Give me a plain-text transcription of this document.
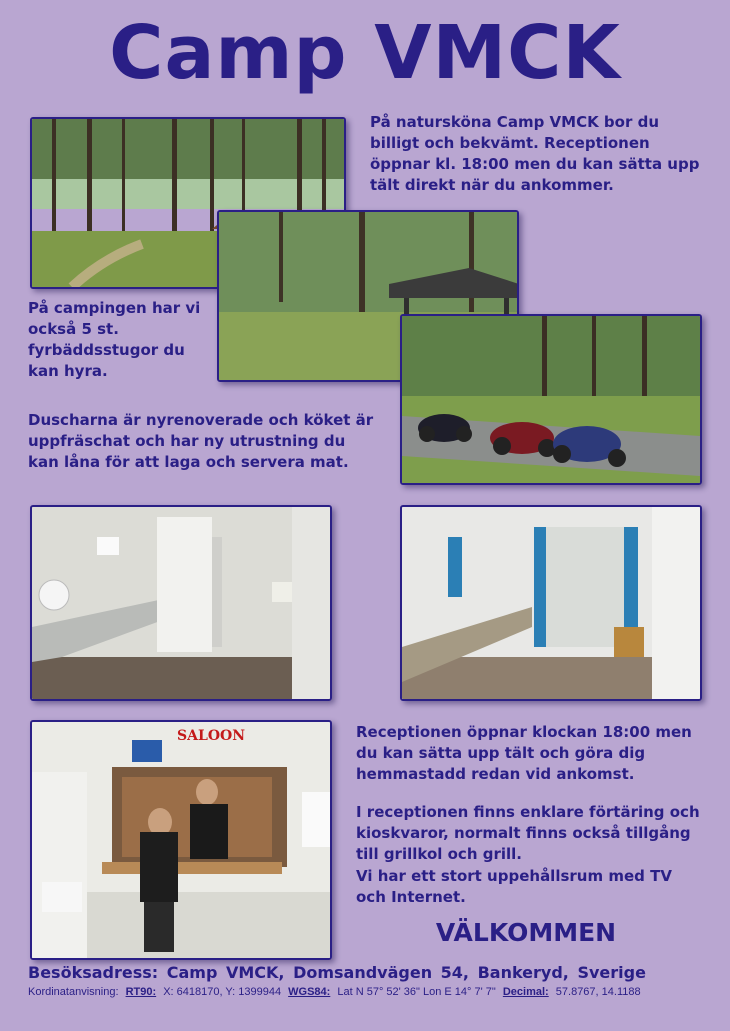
Camp VMCK
På natursköna Camp VMCK bor du billigt och bekvämt. Receptionen öppnar kl. 18:00 men du kan sätta upp tält direkt när du ankommer.
På campingen har vi också 5 st. fyrbäddsstugor du kan hyra.
Duscharna är nyrenoverade och köket är uppfräschat och har ny utrustning du kan låna för att laga och servera mat.
SALOON	Receptionen öppnar klockan 18:00 men du kan sätta upp tält och göra dig hemmastadd redan vid ankomst.
I receptionen finns enklare förtäring och kioskvaror, normalt finns också tillgång till grillkol och grill.
Vi har ett stort uppehållsrum med TV och Internet.
VÄLKOMMEN
Besöksadress: Camp VMCK, Domsandvägen 54, Bankeryd, Sverige
Kordinatanvisning: RT90: X: 6418170, Y: 1399944 WGS84: Lat N 57° 52' 36" Lon E 14° 7' 7" Decimal: 57.8767, 14.1188
